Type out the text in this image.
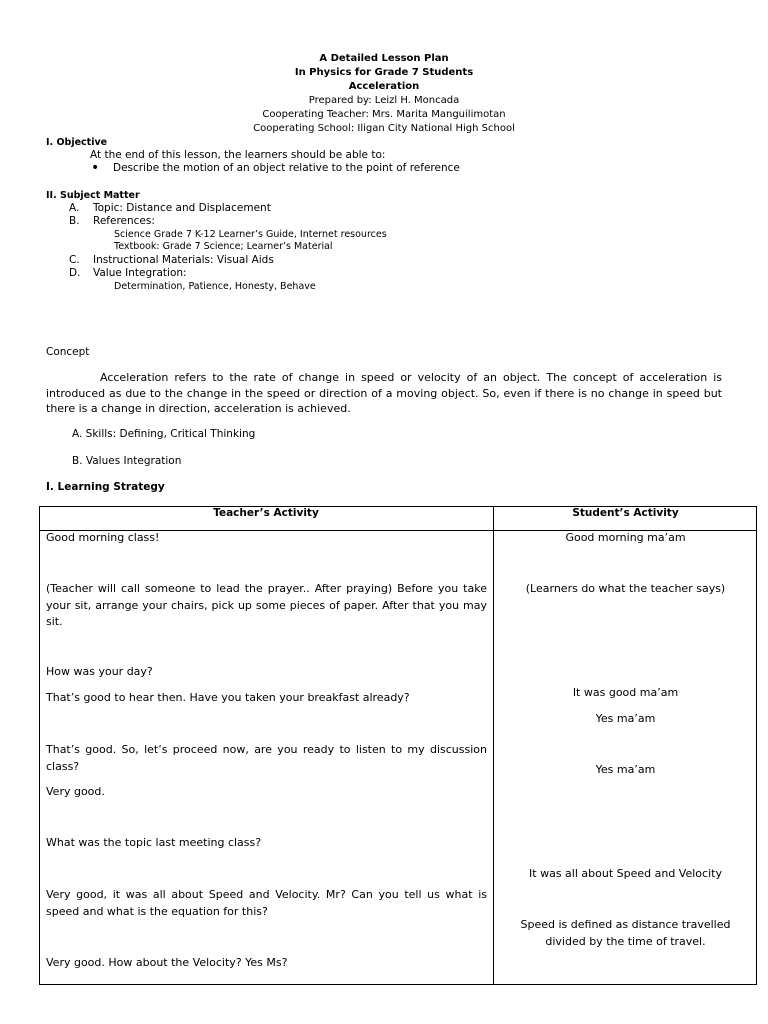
A Detailed Lesson Plan
In Physics for Grade 7 Students
Acceleration
Prepared by: Leizl H. Moncada
Cooperating Teacher: Mrs. Marita Manguilimotan
Cooperating School: Iligan City National High School
I. Objective
At the end of this lesson, the learners should be able to:
• Describe the motion of an object relative to the point of reference
II. Subject Matter
A. Topic: Distance and Displacement
B. References:
Science Grade 7 K-12 Learner’s Guide, Internet resources
Textbook: Grade 7 Science; Learner’s Material
C. Instructional Materials: Visual Aids
D. Value Integration:
Determination, Patience, Honesty, Behave
Concept
Acceleration refers to the rate of change in speed or velocity of an object. The concept of acceleration is introduced as due to the change in the speed or direction of a moving object. So, even if there is no change in speed but there is a change in direction, acceleration is achieved.
A. Skills: Defining, Critical Thinking
B. Values Integration
I. Learning Strategy
Teacher’s Activity	Student’s Activity
Good morning class!
(Teacher will call someone to lead the prayer.. After praying) Before you take your sit, arrange your chairs, pick up some pieces of paper. After that you may sit.
How was your day?
That’s good to hear then. Have you taken your breakfast already?
That’s good. So, let’s proceed now, are you ready to listen to my discussion class?
Very good.
What was the topic last meeting class?
Very good, it was all about Speed and Velocity. Mr? Can you tell us what is speed and what is the equation for this?
Very good. How about the Velocity? Yes Ms?
Good morning ma’am
(Learners do what the teacher says)
It was good ma’am
Yes ma’am
Yes ma’am
It was all about Speed and Velocity
Speed is defined as distance travelled divided by the time of travel.
